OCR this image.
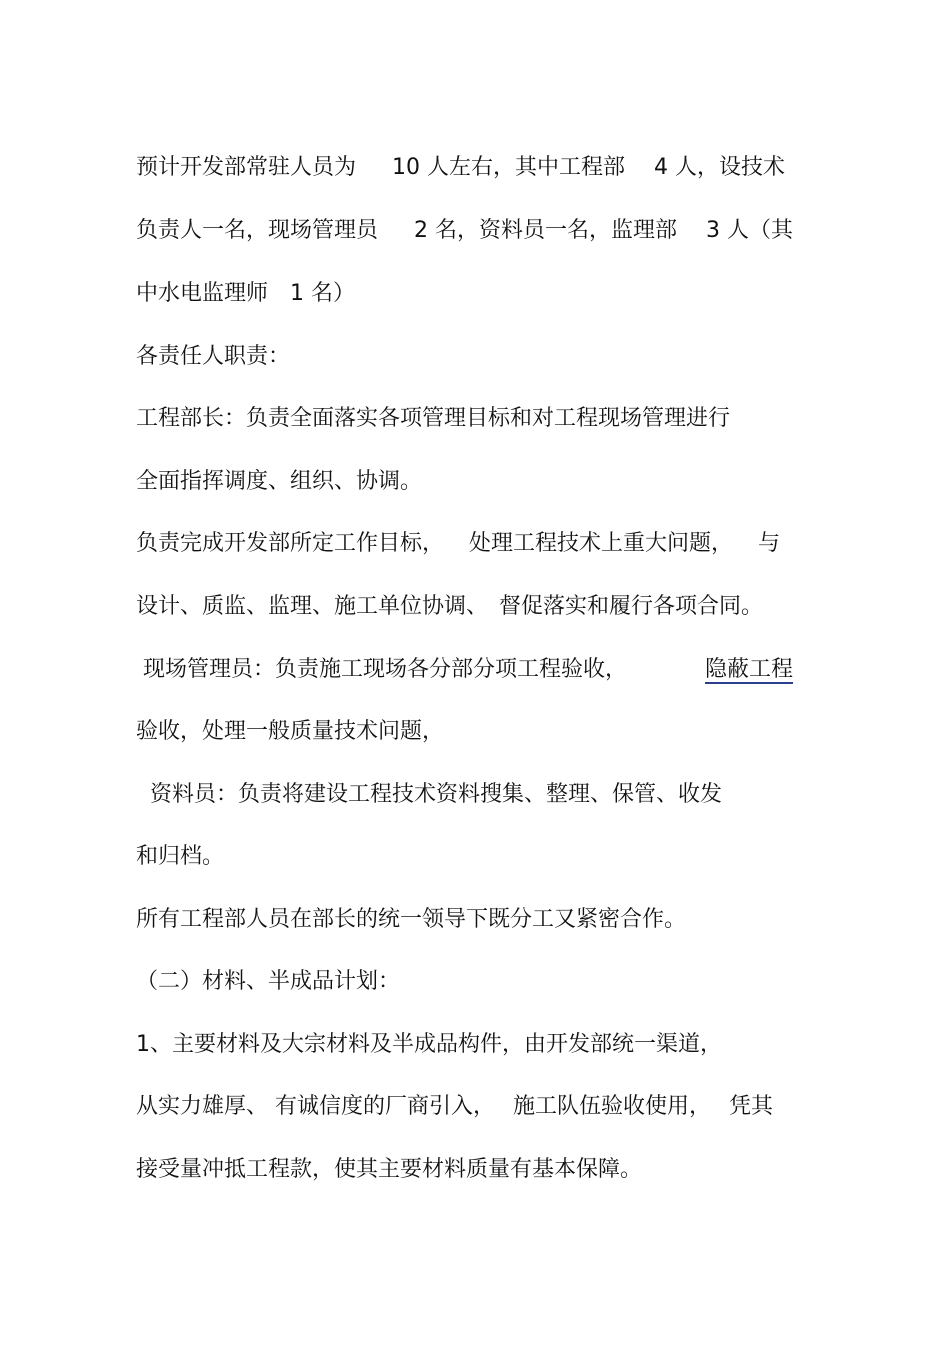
预计开发部常驻人员为　  10 人左右，其中工程部　 4 人，设技术

负责人一名，现场管理员　  2 名，资料员一名，监理部　 3 人（其

中水电监理师　1 名）

各责任人职责：

工程部长：负责全面落实各项管理目标和对工程现场管理进行

全面指挥调度、组织、协调。

负责完成开发部所定工作目标，　  处理工程技术上重大问题，　  与

设计、质监、监理、施工单位协调、　督促落实和履行各项合同。

现场管理员：负责施工现场各分部分项工程验收，	隐蔽工程

验收，处理一般质量技术问题，

资料员：负责将建设工程技术资料搜集、整理、保管、收发

和归档。

所有工程部人员在部长的统一领导下既分工又紧密合作。

（二）材料、半成品计划：

1、主要材料及大宗材料及半成品构件，由开发部统一渠道，

从实力雄厚、 有诚信度的厂商引入，　 施工队伍验收使用，　 凭其

接受量冲抵工程款，使其主要材料质量有基本保障。
